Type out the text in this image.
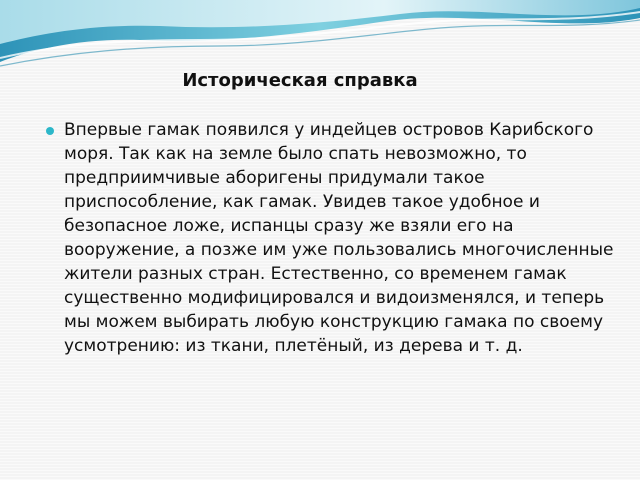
Историческая справка

Впервые гамак появился у индейцев островов Карибского моря. Так как на земле было спать невозможно, то предприимчивые аборигены придумали такое приспособление, как гамак. Увидев такое удобное и безопасное ложе, испанцы сразу же взяли его на вооружение, а позже им уже пользовались многочисленные жители разных стран. Естественно, со временем гамак существенно модифицировался и видоизменялся, и теперь мы можем выбирать любую конструкцию гамака по своему усмотрению: из ткани, плетёный, из дерева и т. д.
